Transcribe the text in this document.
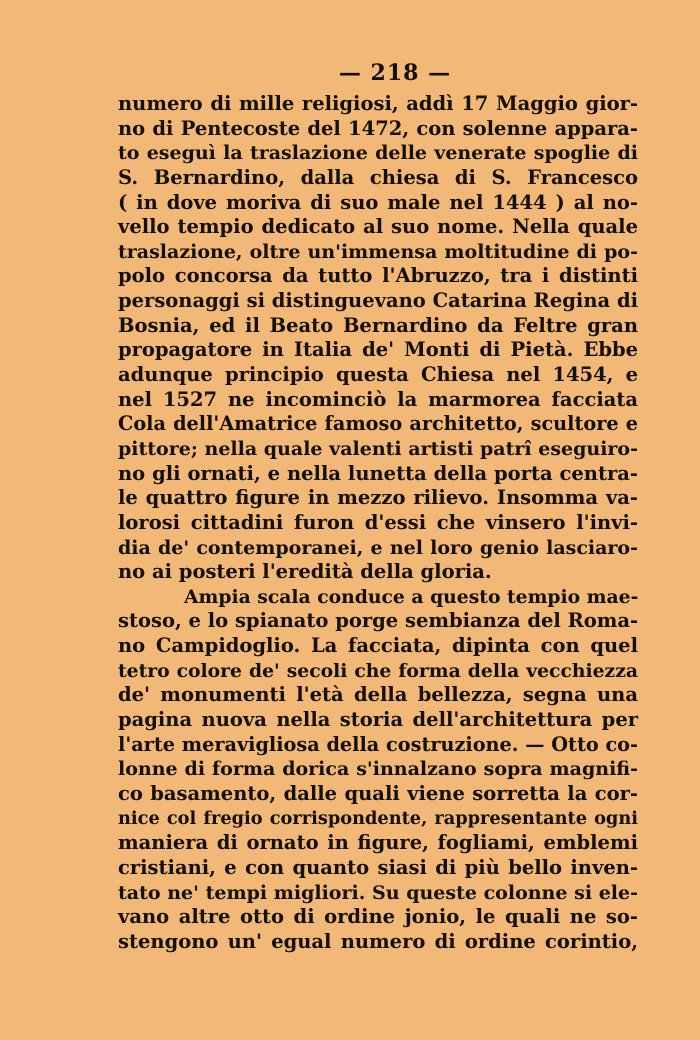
— 218 —
numero di mille religiosi, addì 17 Maggio gior-
no di Pentecoste del 1472, con solenne appara-
to eseguì la traslazione delle venerate spoglie di
S. Bernardino, dalla chiesa di S. Francesco
( in dove moriva di suo male nel 1444 ) al no-
vello tempio dedicato al suo nome. Nella quale
traslazione, oltre un'immensa moltitudine di po-
polo concorsa da tutto l'Abruzzo, tra i distinti
personaggi si distinguevano Catarina Regina di
Bosnia, ed il Beato Bernardino da Feltre gran
propagatore in Italia de' Monti di Pietà. Ebbe
adunque principio questa Chiesa nel 1454, e
nel 1527 ne incominciò la marmorea facciata
Cola dell'Amatrice famoso architetto, scultore e
pittore; nella quale valenti artisti patrî eseguiro-
no gli ornati, e nella lunetta della porta centra-
le quattro figure in mezzo rilievo. Insomma va-
lorosi cittadini furon d'essi che vinsero l'invi-
dia de' contemporanei, e nel loro genio lasciaro-
no ai posteri l'eredità della gloria.
Ampia scala conduce a questo tempio mae-
stoso, e lo spianato porge sembianza del Roma-
no Campidoglio. La facciata, dipinta con quel
tetro colore de' secoli che forma della vecchiezza
de' monumenti l'età della bellezza, segna una
pagina nuova nella storia dell'architettura per
l'arte meravigliosa della costruzione. — Otto co-
lonne di forma dorica s'innalzano sopra magnifi-
co basamento, dalle quali viene sorretta la cor-
nice col fregio corrispondente, rappresentante ogni
maniera di ornato in figure, fogliami, emblemi
cristiani, e con quanto siasi di più bello inven-
tato ne' tempi migliori. Su queste colonne si ele-
vano altre otto di ordine jonio, le quali ne so-
stengono un' egual numero di ordine corintio,
